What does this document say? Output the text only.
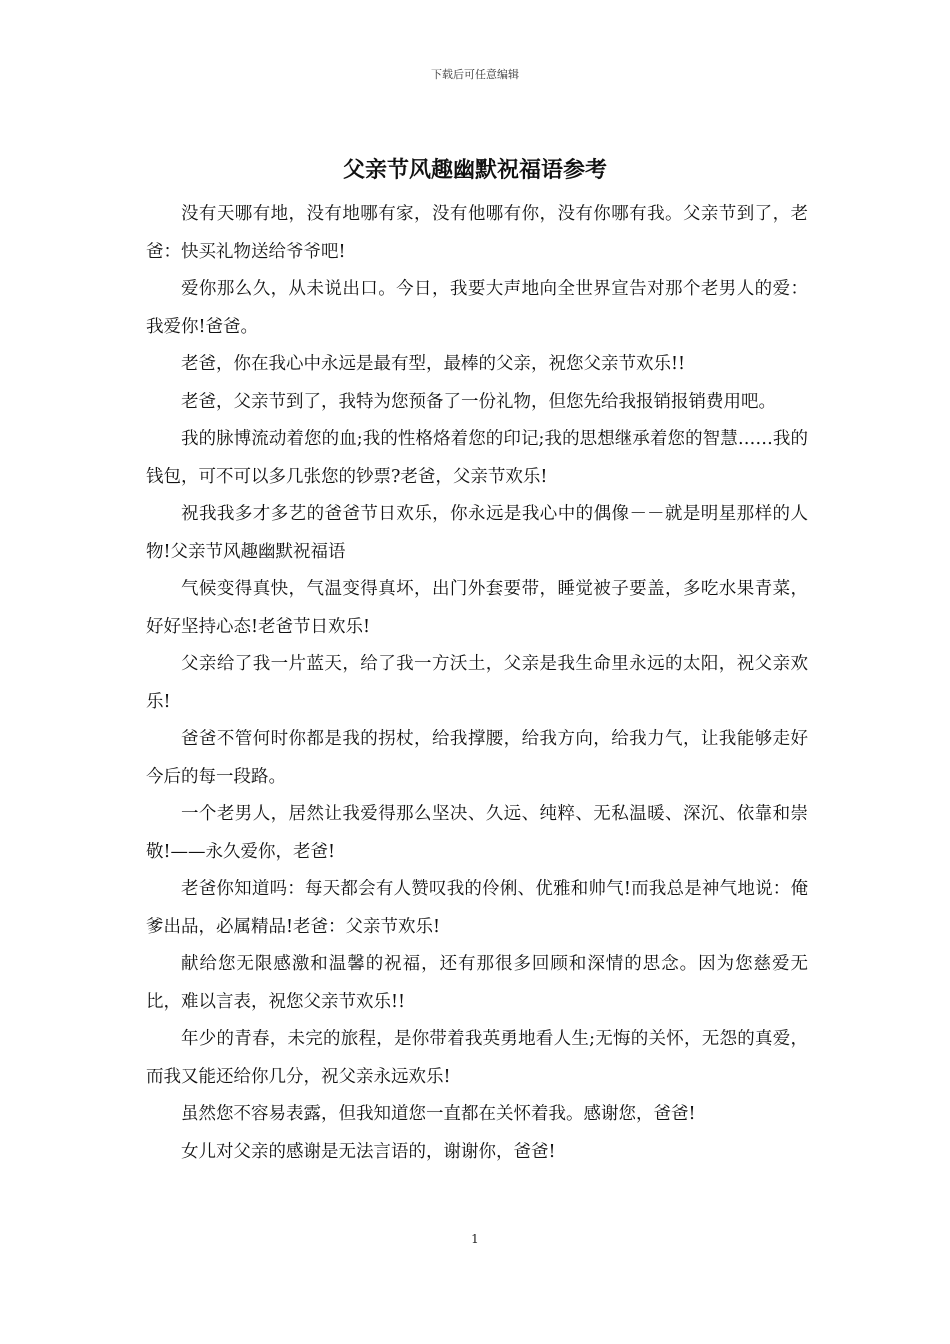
下载后可任意编辑
父亲节风趣幽默祝福语参考

没有天哪有地，没有地哪有家，没有他哪有你，没有你哪有我。父亲节到了，老爸：快买礼物送给爷爷吧!

爱你那么久，从未说出口。今日，我要大声地向全世界宣告对那个老男人的爱：我爱你!爸爸。

老爸，你在我心中永远是最有型，最棒的父亲，祝您父亲节欢乐!!

老爸，父亲节到了，我特为您预备了一份礼物，但您先给我报销报销费用吧。

我的脉博流动着您的血;我的性格烙着您的印记;我的思想继承着您的智慧……我的钱包，可不可以多几张您的钞票?老爸，父亲节欢乐!

祝我我多才多艺的爸爸节日欢乐，你永远是我心中的偶像－－就是明星那样的人物!父亲节风趣幽默祝福语

气候变得真快，气温变得真坏，出门外套要带，睡觉被子要盖，多吃水果青菜，好好坚持心态!老爸节日欢乐!

父亲给了我一片蓝天，给了我一方沃土，父亲是我生命里永远的太阳，祝父亲欢乐!

爸爸不管何时你都是我的拐杖，给我撑腰，给我方向，给我力气，让我能够走好今后的每一段路。

一个老男人，居然让我爱得那么坚决、久远、纯粹、无私温暖、深沉、依靠和崇敬!——永久爱你，老爸!

老爸你知道吗：每天都会有人赞叹我的伶俐、优雅和帅气!而我总是神气地说：俺爹出品，必属精品!老爸：父亲节欢乐!

献给您无限感激和温馨的祝福，还有那很多回顾和深情的思念。因为您慈爱无比，难以言表，祝您父亲节欢乐!!

年少的青春，未完的旅程，是你带着我英勇地看人生;无悔的关怀，无怨的真爱，而我又能还给你几分，祝父亲永远欢乐!

虽然您不容易表露，但我知道您一直都在关怀着我。感谢您，爸爸!

女儿对父亲的感谢是无法言语的，谢谢你，爸爸!

1
